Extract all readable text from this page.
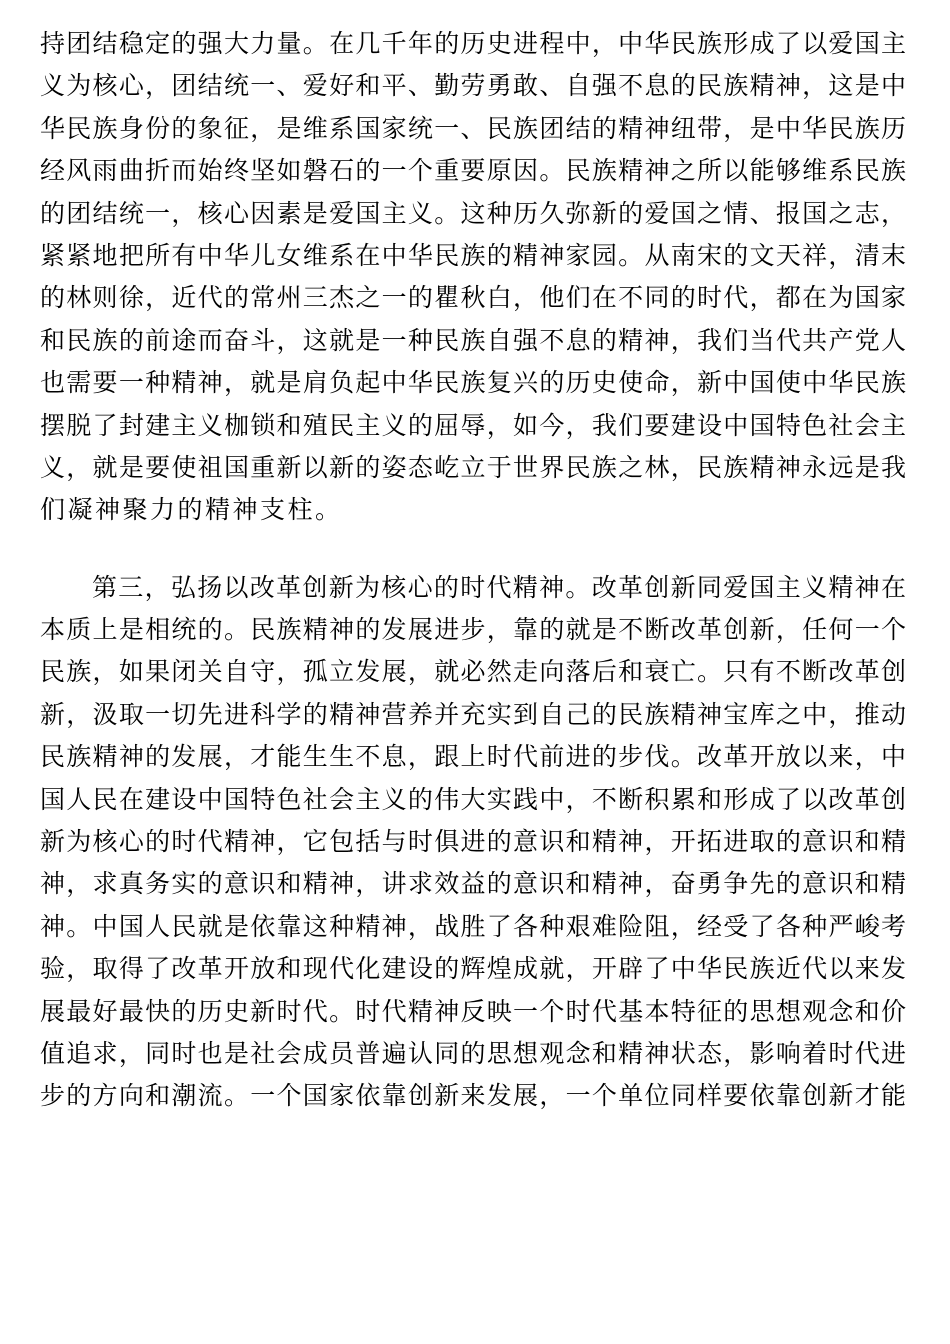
持团结稳定的强大力量。在几千年的历史进程中，中华民族形成了以爱国主
义为核心，团结统一、爱好和平、勤劳勇敢、自强不息的民族精神，这是中
华民族身份的象征，是维系国家统一、民族团结的精神纽带，是中华民族历
经风雨曲折而始终坚如磐石的一个重要原因。民族精神之所以能够维系民族
的团结统一，核心因素是爱国主义。这种历久弥新的爱国之情、报国之志，
紧紧地把所有中华儿女维系在中华民族的精神家园。从南宋的文天祥，清末
的林则徐，近代的常州三杰之一的瞿秋白，他们在不同的时代，都在为国家
和民族的前途而奋斗，这就是一种民族自强不息的精神，我们当代共产党人
也需要一种精神，就是肩负起中华民族复兴的历史使命，新中国使中华民族
摆脱了封建主义枷锁和殖民主义的屈辱，如今，我们要建设中国特色社会主
义，就是要使祖国重新以新的姿态屹立于世界民族之林，民族精神永远是我
们凝神聚力的精神支柱。
第三，弘扬以改革创新为核心的时代精神。改革创新同爱国主义精神在
本质上是相统的。民族精神的发展进步，靠的就是不断改革创新，任何一个
民族，如果闭关自守，孤立发展，就必然走向落后和衰亡。只有不断改革创
新，汲取一切先进科学的精神营养并充实到自己的民族精神宝库之中，推动
民族精神的发展，才能生生不息，跟上时代前进的步伐。改革开放以来，中
国人民在建设中国特色社会主义的伟大实践中，不断积累和形成了以改革创
新为核心的时代精神，它包括与时俱进的意识和精神，开拓进取的意识和精
神，求真务实的意识和精神，讲求效益的意识和精神，奋勇争先的意识和精
神。中国人民就是依靠这种精神，战胜了各种艰难险阻，经受了各种严峻考
验，取得了改革开放和现代化建设的辉煌成就，开辟了中华民族近代以来发
展最好最快的历史新时代。时代精神反映一个时代基本特征的思想观念和价
值追求，同时也是社会成员普遍认同的思想观念和精神状态，影响着时代进
步的方向和潮流。一个国家依靠创新来发展，一个单位同样要依靠创新才能
